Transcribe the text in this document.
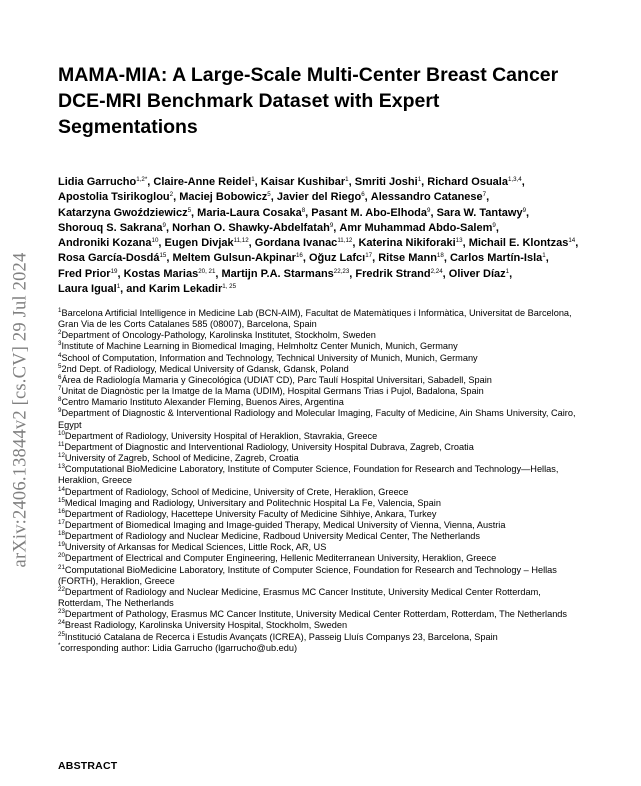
arXiv:2406.13844v2 [cs.CV] 29 Jul 2024
MAMA-MIA: A Large-Scale Multi-Center Breast Cancer DCE-MRI Benchmark Dataset with Expert Segmentations
Lidia Garrucho$^{1,2*}$, Claire-Anne Reidel$^1$, Kaisar Kushibar$^1$, Smriti Joshi$^1$, Richard Osuala$^{1,3,4}$, Apostolia Tsirikoglou$^2$, Maciej Bobowicz$^5$, Javier del Riego$^6$, Alessandro Catanese$^7$, Katarzyna Gwoździewicz$^5$, Maria-Laura Cosaka$^8$, Pasant M. Abo-Elhoda$^9$, Sara W. Tantawy$^9$, Shorouq S. Sakrana$^9$, Norhan O. Shawky-Abdelfatah$^9$, Amr Muhammad Abdo-Salem$^9$, Androniki Kozana$^{10}$, Eugen Divjak$^{11,12}$, Gordana Ivanac$^{11,12}$, Katerina Nikiforaki$^{13}$, Michail E. Klontzas$^{14}$, Rosa García-Dosdá$^{15}$, Meltem Gulsun-Akpinar$^{16}$, Oğuz Lafcı$^{17}$, Ritse Mann$^{18}$, Carlos Martín-Isla$^1$, Fred Prior$^{19}$, Kostas Marias$^{20, 21}$, Martijn P.A. Starmans$^{22,23}$, Fredrik Strand$^{2,24}$, Oliver Díaz$^1$, Laura Igual$^1$, and Karim Lekadir$^{1, 25}$

$^1$Barcelona Artificial Intelligence in Medicine Lab (BCN-AIM), Facultat de Matemàtiques i Informàtica, Universitat de Barcelona, Gran Via de les Corts Catalanes 585 (08007), Barcelona, Spain

$^2$Department of Oncology-Pathology, Karolinska Institutet, Stockholm, Sweden

$^3$Institute of Machine Learning in Biomedical Imaging, Helmholtz Center Munich, Munich, Germany

$^4$School of Computation, Information and Technology, Technical University of Munich, Munich, Germany

$^5$2nd Dept. of Radiology, Medical University of Gdansk, Gdansk, Poland

$^6$Área de Radiología Mamaria y Ginecológica (UDIAT CD), Parc Taulí Hospital Universitari, Sabadell, Spain

$^7$Unitat de Diagnòstic per la Imatge de la Mama (UDIM), Hospital Germans Trias i Pujol, Badalona, Spain

$^8$Centro Mamario Instituto Alexander Fleming, Buenos Aires, Argentina

$^9$Department of Diagnostic & Interventional Radiology and Molecular Imaging, Faculty of Medicine, Ain Shams University, Cairo, Egypt

$^{10}$Department of Radiology, University Hospital of Heraklion, Stavrakia, Greece

$^{11}$Department of Diagnostic and Interventional Radiology, University Hospital Dubrava, Zagreb, Croatia

$^{12}$University of Zagreb, School of Medicine, Zagreb, Croatia

$^{13}$Computational BioMedicine Laboratory, Institute of Computer Science, Foundation for Research and Technology—Hellas, Heraklion, Greece

$^{14}$Department of Radiology, School of Medicine, University of Crete, Heraklion, Greece

$^{15}$Medical Imaging and Radiology, Universitary and Politechnic Hospital La Fe, Valencia, Spain

$^{16}$Department of Radiology, Hacettepe University Faculty of Medicine Sihhiye, Ankara, Turkey

$^{17}$Department of Biomedical Imaging and Image-guided Therapy, Medical University of Vienna, Vienna, Austria

$^{18}$Department of Radiology and Nuclear Medicine, Radboud University Medical Center, The Netherlands

$^{19}$University of Arkansas for Medical Sciences, Little Rock, AR, US

$^{20}$Department of Electrical and Computer Engineering, Hellenic Mediterranean University, Heraklion, Greece

$^{21}$Computational BioMedicine Laboratory, Institute of Computer Science, Foundation for Research and Technology – Hellas (FORTH), Heraklion, Greece

$^{22}$Department of Radiology and Nuclear Medicine, Erasmus MC Cancer Institute, University Medical Center Rotterdam, Rotterdam, The Netherlands

$^{23}$Department of Pathology, Erasmus MC Cancer Institute, University Medical Center Rotterdam, Rotterdam, The Netherlands

$^{24}$Breast Radiology, Karolinska University Hospital, Stockholm, Sweden

$^{25}$Institució Catalana de Recerca i Estudis Avançats (ICREA), Passeig Lluís Companys 23, Barcelona, Spain

*corresponding author: Lidia Garrucho (lgarrucho@ub.edu)

ABSTRACT
